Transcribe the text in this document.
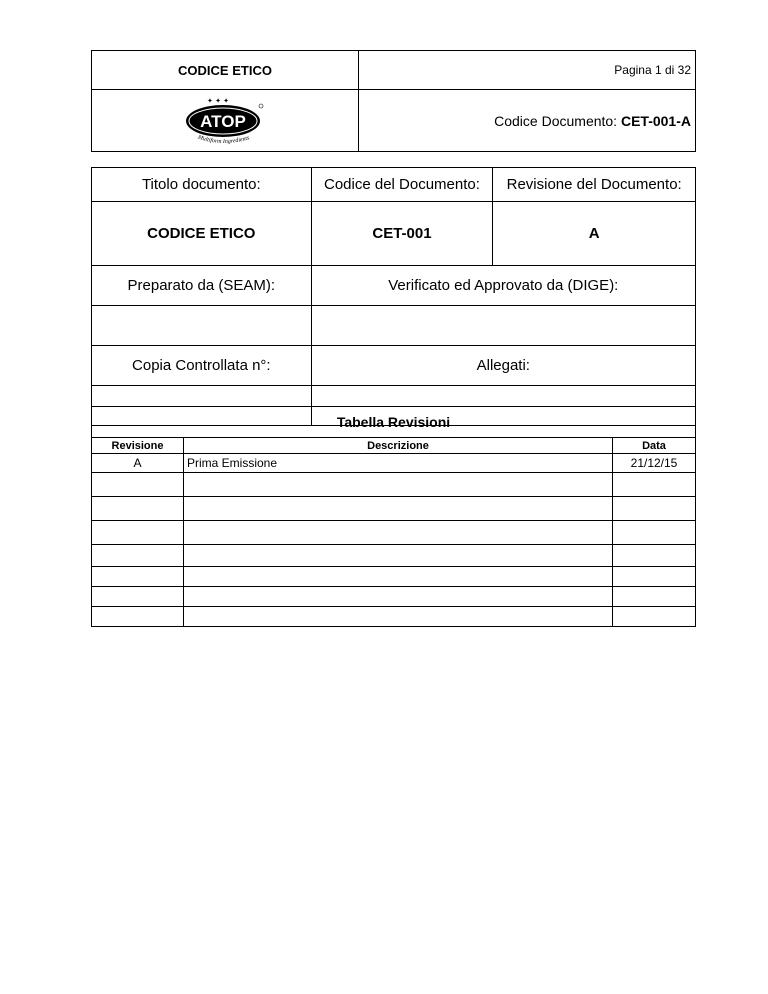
CODICE ETICO	Pagina 1 di 32

✦ ✦ ✦
ATOP
Multiform Ingredients	Codice Documento: CET-001-A
Titolo documento:	Codice del Documento:	Revisione del Documento:
CODICE ETICO	CET-001	A
Preparato da (SEAM):	Verificato ed Approvato da (DIGE):	

Copia Controllata n°:	Allegati:	

Tabella Revisioni		
Revisione	Descrizione	Data
A	Prima Emissione	21/12/15
